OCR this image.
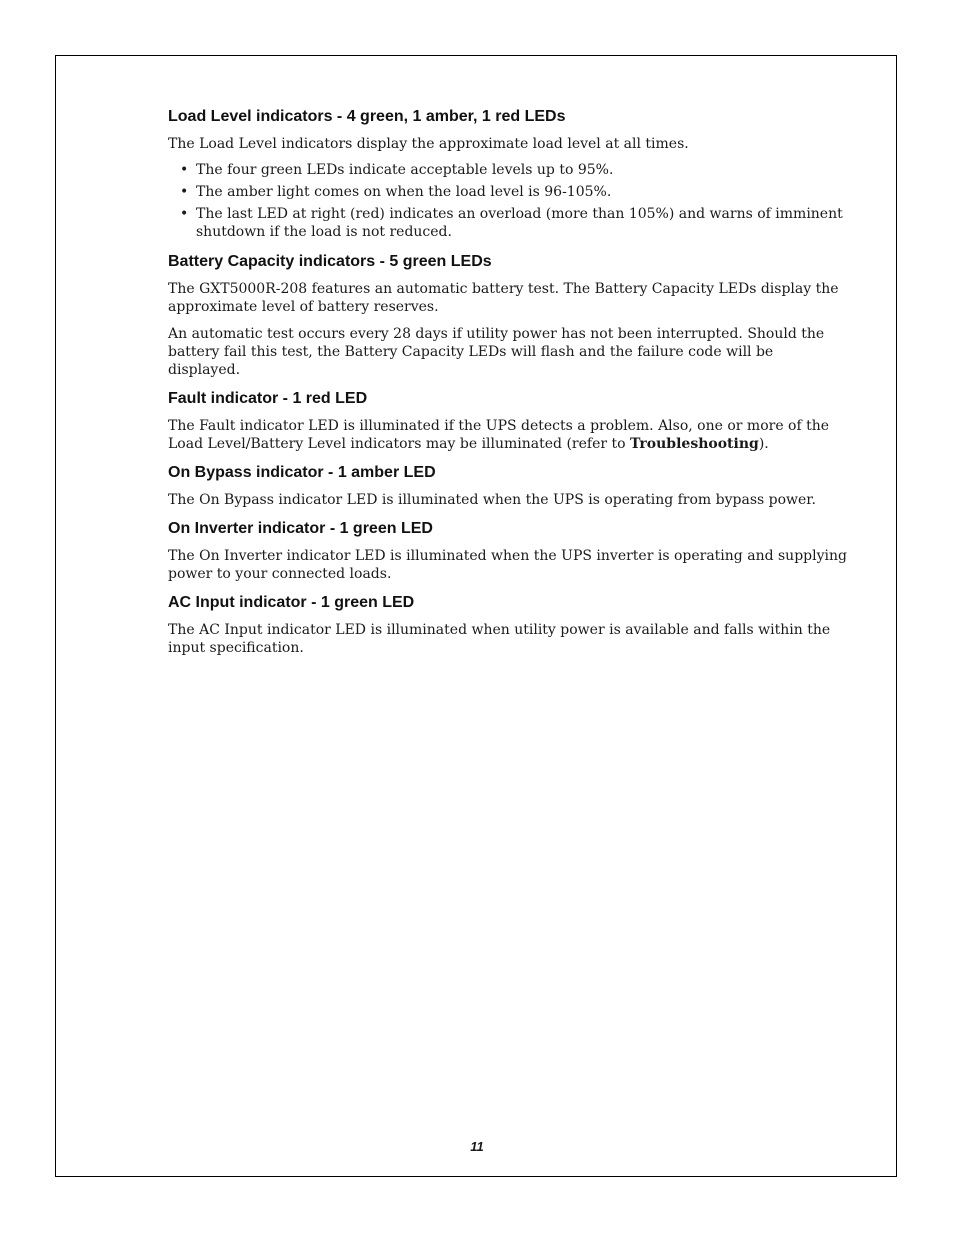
Load Level indicators - 4 green, 1 amber, 1 red LEDs

The Load Level indicators display the approximate load level at all times.

• The four green LEDs indicate acceptable levels up to 95%.
• The amber light comes on when the load level is 96-105%.
• The last LED at right (red) indicates an overload (more than 105%) and warns of imminent shutdown if the load is not reduced.
Battery Capacity indicators - 5 green LEDs

The GXT5000R-208 features an automatic battery test. The Battery Capacity LEDs display the approximate level of battery reserves.

An automatic test occurs every 28 days if utility power has not been interrupted. Should the battery fail this test, the Battery Capacity LEDs will flash and the failure code will be displayed.

Fault indicator - 1 red LED

The Fault indicator LED is illuminated if the UPS detects a problem. Also, one or more of the Load Level/Battery Level indicators may be illuminated (refer to Troubleshooting).

On Bypass indicator - 1 amber LED

The On Bypass indicator LED is illuminated when the UPS is operating from bypass power.

On Inverter indicator - 1 green LED

The On Inverter indicator LED is illuminated when the UPS inverter is operating and supplying power to your connected loads.

AC Input indicator - 1 green LED

The AC Input indicator LED is illuminated when utility power is available and falls within the input specification.

11
